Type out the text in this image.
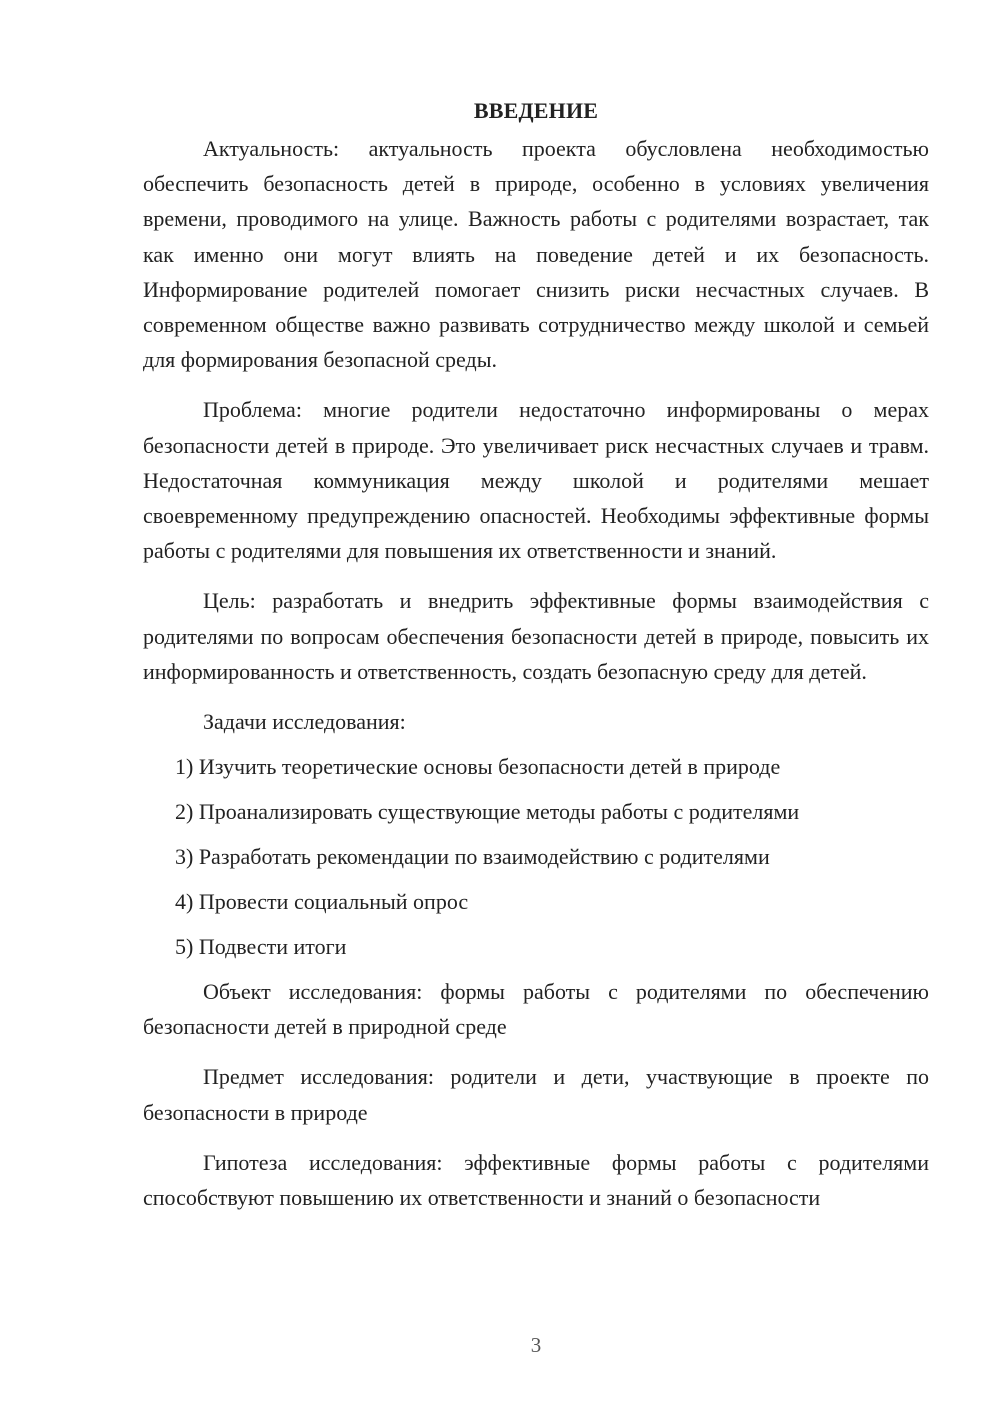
ВВЕДЕНИЕ

Актуальность: актуальность проекта обусловлена необходимостью обеспечить безопасность детей в природе, особенно в условиях увеличения времени, проводимого на улице. Важность работы с родителями возрастает, так как именно они могут влиять на поведение детей и их безопасность. Информирование родителей помогает снизить риски несчастных случаев. В современном обществе важно развивать сотрудничество между школой и семьей для формирования безопасной среды.

Проблема: многие родители недостаточно информированы о мерах безопасности детей в природе. Это увеличивает риск несчастных случаев и травм. Недостаточная коммуникация между школой и родителями мешает своевременному предупреждению опасностей. Необходимы эффективные формы работы с родителями для повышения их ответственности и знаний.

Цель: разработать и внедрить эффективные формы взаимодействия с родителями по вопросам обеспечения безопасности детей в природе, повысить их информированность и ответственность, создать безопасную среду для детей.

Задачи исследования:

1) Изучить теоретические основы безопасности детей в природе
2) Проанализировать существующие методы работы с родителями
3) Разработать рекомендации по взаимодействию с родителями
4) Провести социальный опрос
5) Подвести итоги

Объект исследования: формы работы с родителями по обеспечению безопасности детей в природной среде

Предмет исследования: родители и дети, участвующие в проекте по безопасности в природе

Гипотеза исследования: эффективные формы работы с родителями способствуют повышению их ответственности и знаний о безопасности

3
